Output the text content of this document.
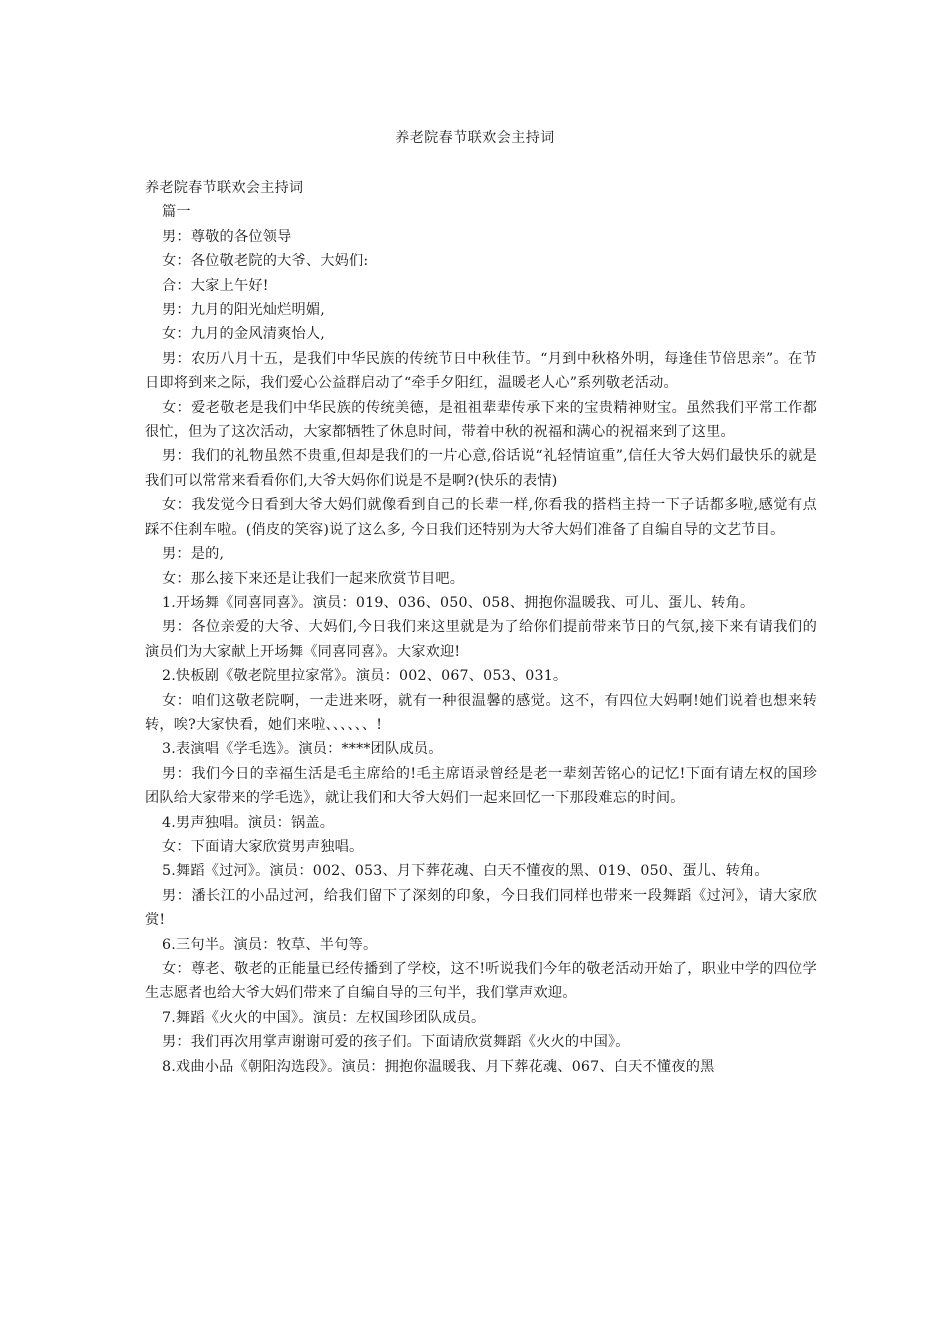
养老院春节联欢会主持词

养老院春节联欢会主持词

篇一

男：尊敬的各位领导

女：各位敬老院的大爷、大妈们:

合：大家上午好!

男：九月的阳光灿烂明媚,

女：九月的金风清爽怡人,

男：农历八月十五，是我们中华民族的传统节日中秋佳节。“月到中秋格外明，每逢佳节倍思亲”。在节日即将到来之际，我们爱心公益群启动了“牵手夕阳红，温暖老人心”系列敬老活动。

女：爱老敬老是我们中华民族的传统美德，是祖祖辈辈传承下来的宝贵精神财宝。虽然我们平常工作都很忙，但为了这次活动，大家都牺牲了休息时间，带着中秋的祝福和满心的祝福来到了这里。

男：我们的礼物虽然不贵重,但却是我们的一片心意,俗话说“礼轻情谊重”,信任大爷大妈们最快乐的就是我们可以常常来看看你们,大爷大妈你们说是不是啊?(快乐的表情)

女：我发觉今日看到大爷大妈们就像看到自己的长辈一样,你看我的搭档主持一下子话都多啦,感觉有点踩不住刹车啦。(俏皮的笑容)说了这么多, 今日我们还特别为大爷大妈们准备了自编自导的文艺节目。

男：是的,

女：那么接下来还是让我们一起来欣赏节目吧。

1.开场舞《同喜同喜》。演员：019、036、050、058、拥抱你温暖我、可儿、蛋儿、转角。

男：各位亲爱的大爷、大妈们,今日我们来这里就是为了给你们提前带来节日的气氛,接下来有请我们的演员们为大家献上开场舞《同喜同喜》。大家欢迎!

2.快板剧《敬老院里拉家常》。演员：002、067、053、031。

女：咱们这敬老院啊，一走进来呀，就有一种很温馨的感觉。这不，有四位大妈啊!她们说着也想来转转，唉?大家快看，她们来啦、、、、、、!

3.表演唱《学毛选》。演员：****团队成员。

男：我们今日的幸福生活是毛主席给的!毛主席语录曾经是老一辈刻苦铭心的记忆!下面有请左权的国珍团队给大家带来的学毛选》，就让我们和大爷大妈们一起来回忆一下那段难忘的时间。

4.男声独唱。演员：锅盖。

女：下面请大家欣赏男声独唱。

5.舞蹈《过河》。演员：002、053、月下葬花魂、白天不懂夜的黑、019、050、蛋儿、转角。

男：潘长江的小品过河，给我们留下了深刻的印象，今日我们同样也带来一段舞蹈《过河》，请大家欣赏!

6.三句半。演员：牧草、半句等。

女：尊老、敬老的正能量已经传播到了学校，这不!听说我们今年的敬老活动开始了，职业中学的四位学生志愿者也给大爷大妈们带来了自编自导的三句半，我们掌声欢迎。

7.舞蹈《火火的中国》。演员：左权国珍团队成员。

男：我们再次用掌声谢谢可爱的孩子们。下面请欣赏舞蹈《火火的中国》。

8.戏曲小品《朝阳沟选段》。演员：拥抱你温暖我、月下葬花魂、067、白天不懂夜的黑
